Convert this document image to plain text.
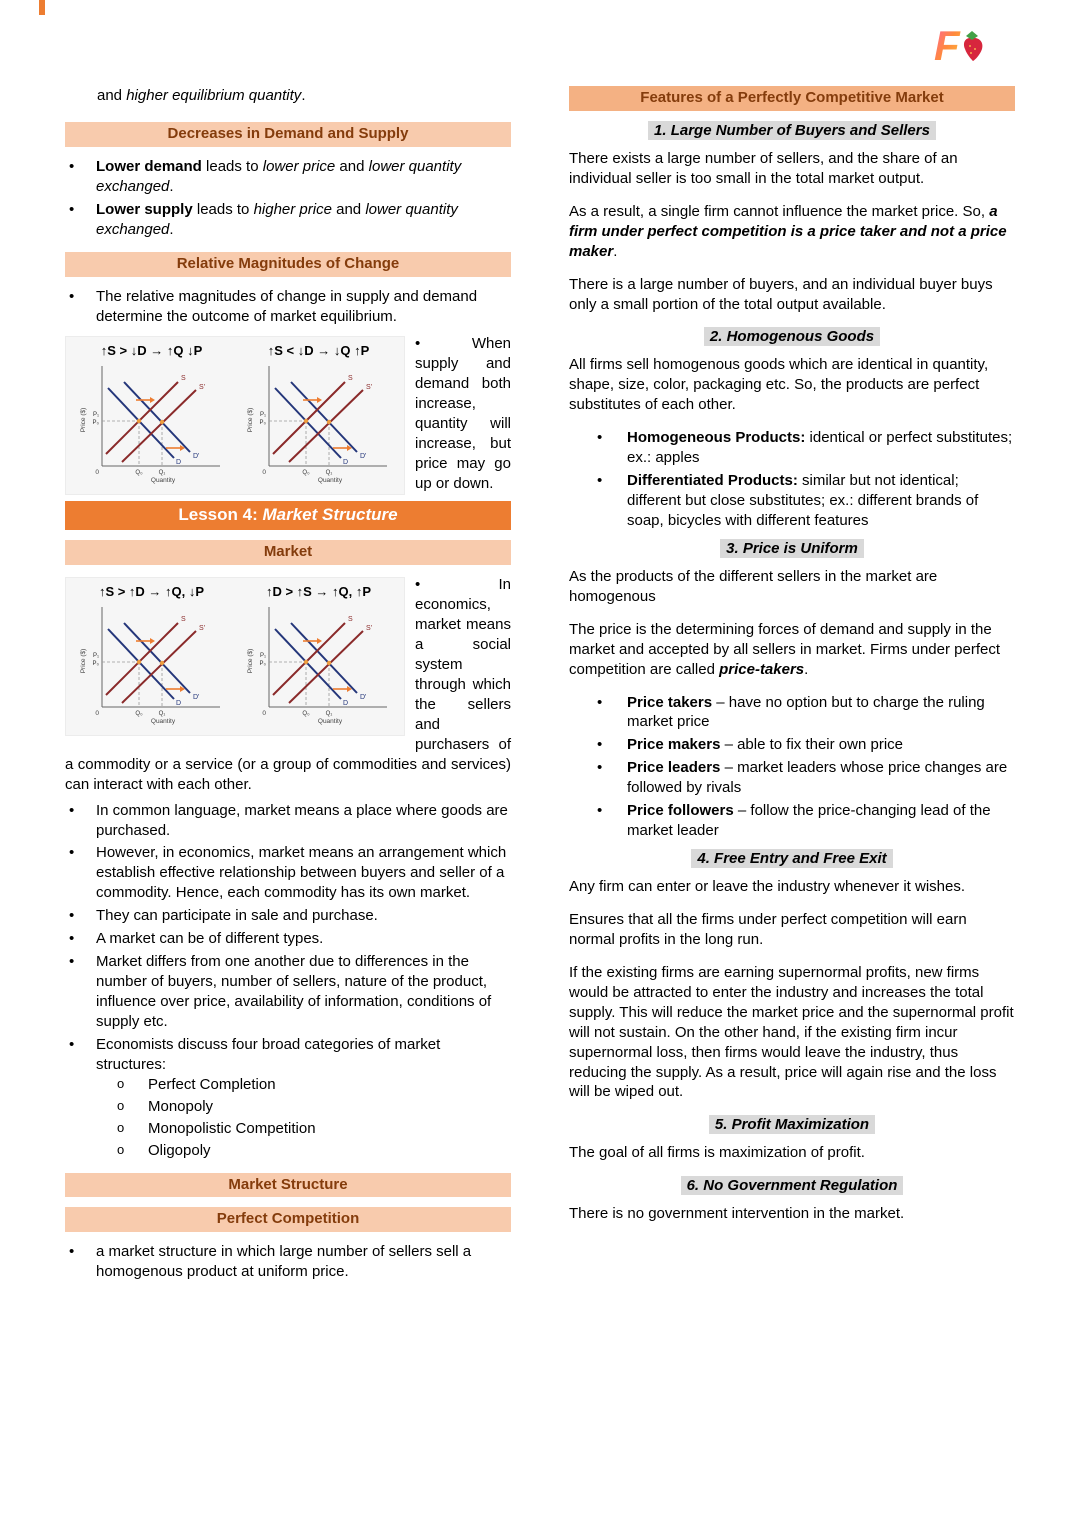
F

and higher equilibrium quantity.

Decreases in Demand and Supply
• Lower demand leads to lower price and lower quantity exchanged.
• Lower supply leads to higher price and lower quantity exchanged.
Relative Magnitudes of Change
• The relative magnitudes of change in supply and demand determine the outcome of market equilibrium.
↑S > ↓D → ↑Q ↓P
Price ($)
Quantity
0
S
S'
D
D'
P₁
P₀
Q₀	Q₁
↑S < ↓D → ↓Q ↑P
Price ($)
Quantity
0
S
S'
D
D'
P₁
P₀
Q₀	Q₁
•	When supply and demand both increase, quantity will increase, but price may go up or down.
Lesson 4: Market Structure
Market
↑S > ↑D → ↑Q, ↓P
Price ($)
Quantity
0
S
S'
D
D'
P₁
P₀
Q₀	Q₁
↑D > ↑S → ↑Q, ↑P
Price ($)
Quantity
0
S
S'
D
D'
P₁
P₀
Q₀	Q₁
•	In economics, market means a social system through which the sellers and purchasers of a commodity or a service (or a group of commodities and services) can interact with each other.
• In common language, market means a place where goods are purchased.
• However, in economics, market means an arrangement which establish effective relationship between buyers and seller of a commodity. Hence, each commodity has its own market.
• They can participate in sale and purchase.
• A market can be of different types.
• Market differs from one another due to differences in the number of buyers, number of sellers, nature of the product, influence over price, availability of information, conditions of supply etc.
• Economists discuss four broad categories of market structures:
o Perfect Completion
o Monopoly
o Monopolistic Competition
o Oligopoly
Market Structure
Perfect Competition
• a market structure in which large number of sellers sell a homogenous product at uniform price.
Features of a Perfectly Competitive Market
1. Large Number of Buyers and Sellers

There exists a large number of sellers, and the share of an individual seller is too small in the total market output.

As a result, a single firm cannot influence the market price. So, a firm under perfect competition is a price taker and not a price maker.

There is a large number of buyers, and an individual buyer buys only a small portion of the total output available.

2. Homogenous Goods

All firms sell homogenous goods which are identical in quantity, shape, size, color, packaging etc. So, the products are perfect substitutes of each other.

• Homogeneous Products: identical or perfect substitutes; ex.: apples
• Differentiated Products: similar but not identical; different but close substitutes; ex.: different brands of soap, bicycles with different features
3. Price is Uniform

As the products of the different sellers in the market are homogenous

The price is the determining forces of demand and supply in the market and accepted by all sellers in market. Firms under perfect competition are called price-takers.

• Price takers – have no option but to charge the ruling market price
• Price makers – able to fix their own price
• Price leaders – market leaders whose price changes are followed by rivals
• Price followers – follow the price-changing lead of the market leader
4. Free Entry and Free Exit

Any firm can enter or leave the industry whenever it wishes.

Ensures that all the firms under perfect competition will earn normal profits in the long run.

If the existing firms are earning supernormal profits, new firms would be attracted to enter the industry and increases the total supply. This will reduce the market price and the supernormal profit will not sustain. On the other hand, if the existing firm incur supernormal loss, then firms would leave the industry, thus reducing the supply. As a result, price will again rise and the loss will be wiped out.

5. Profit Maximization

The goal of all firms is maximization of profit.

6. No Government Regulation

There is no government intervention in the market.
